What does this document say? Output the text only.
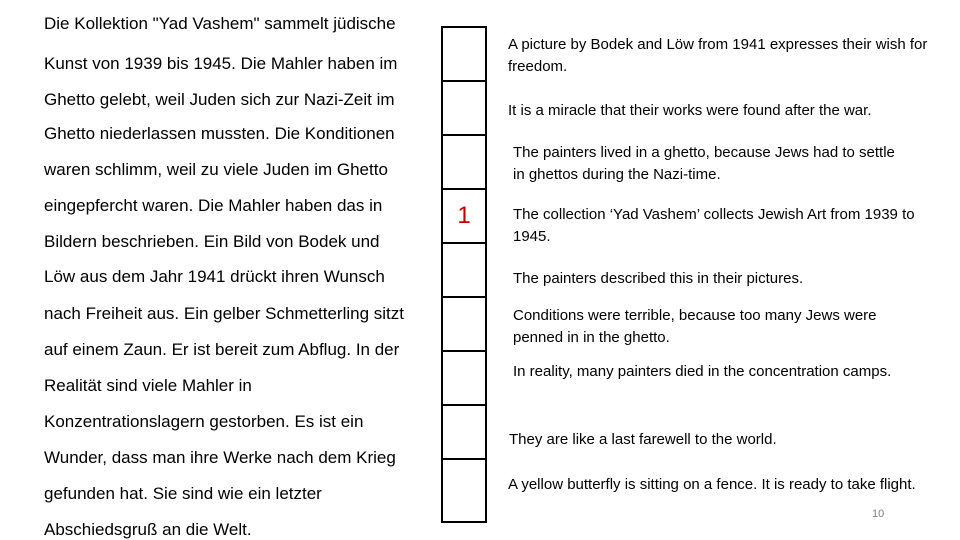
Die Kollektion "Yad Vashem" sammelt jüdische

Kunst von 1939 bis 1945. Die Mahler haben im

Ghetto gelebt, weil Juden sich zur Nazi-Zeit im

Ghetto niederlassen mussten. Die Konditionen

waren schlimm, weil zu viele Juden im Ghetto

eingepfercht waren. Die Mahler haben das in

Bildern beschrieben. Ein Bild von Bodek und

Löw aus dem Jahr 1941 drückt ihren Wunsch

nach Freiheit aus. Ein gelber Schmetterling sitzt

auf einem Zaun. Er ist bereit zum Abflug. In der

Realität sind viele Mahler in

Konzentrationslagern gestorben. Es ist ein

Wunder, dass man ihre Werke nach dem Krieg

gefunden hat. Sie sind wie ein letzter

Abschiedsgruß an die Welt.

1

A picture by Bodek and Löw from 1941 expresses their wish for freedom.

It is a miracle that their works were found after the war.

The painters lived in a ghetto, because Jews had to settle in ghettos during the Nazi-time.

The collection ‘Yad Vashem’ collects Jewish Art from 1939 to 1945.

The painters described this in their pictures.

Conditions were terrible, because too many Jews were penned in in the ghetto.

In reality, many painters died in the concentration camps.

They are like a last farewell to the world.

A yellow butterfly is sitting on a fence. It is ready to take flight.

10
